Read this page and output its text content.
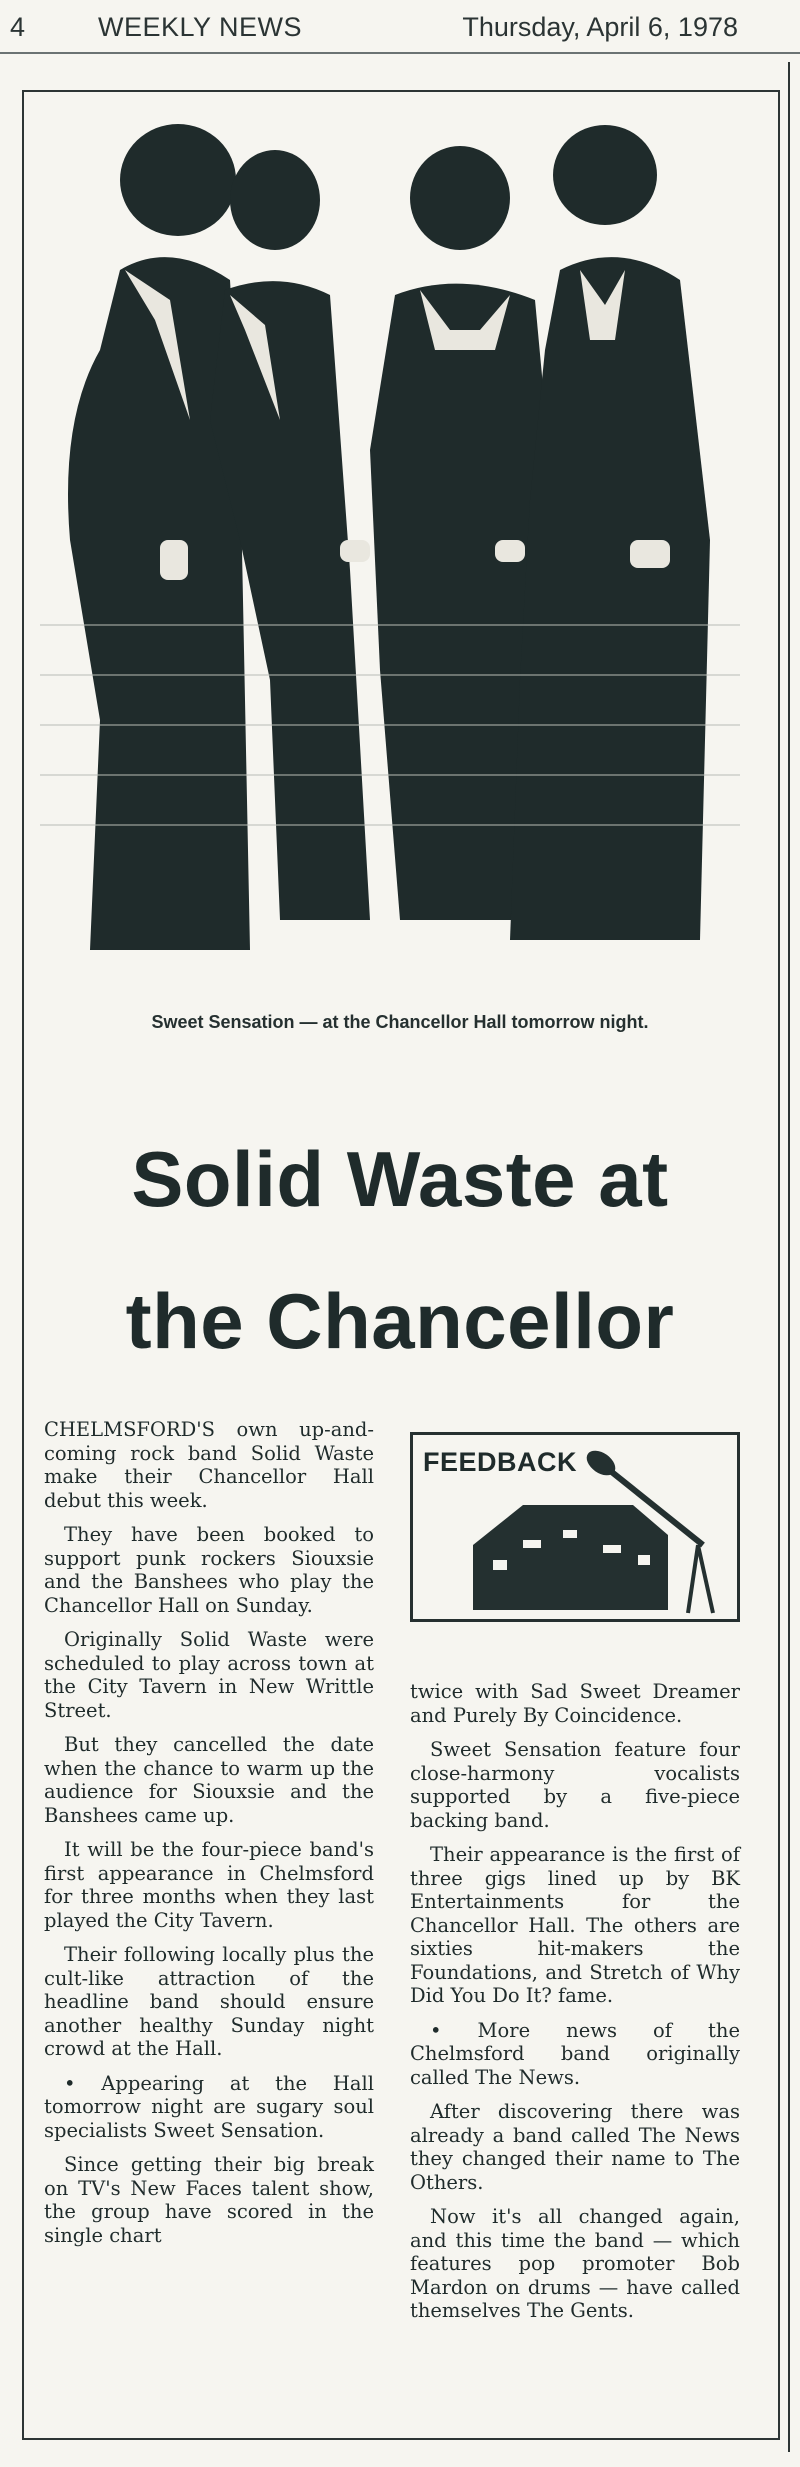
4	WEEKLY NEWS	Thursday, April 6, 1978
Sweet Sensation — at the Chancellor Hall tomorrow night.
Solid Waste at
the Chancellor

CHELMSFORD'S own up-and-coming rock band Solid Waste make their Chancellor Hall debut this week.

They have been booked to support punk rockers Siouxsie and the Banshees who play the Chancellor Hall on Sunday.

Originally Solid Waste were scheduled to play across town at the City Tavern in New Writtle Street.

But they cancelled the date when the chance to warm up the audience for Siouxsie and the Banshees came up.

It will be the four-piece band's first appearance in Chelmsford for three months when they last played the City Tavern.

Their following locally plus the cult-like attraction of the headline band should ensure another healthy Sunday night crowd at the Hall.

• Appearing at the Hall tomorrow night are sugary soul specialists Sweet Sensation.

Since getting their big break on TV's New Faces talent show, the group have scored in the single chart

FEEDBACK

twice with Sad Sweet Dreamer and Purely By Coincidence.

Sweet Sensation feature four close-harmony vocalists supported by a five-piece backing band.

Their appearance is the first of three gigs lined up by BK Entertainments for the Chancellor Hall. The others are sixties hit-makers the Foundations, and Stretch of Why Did You Do It? fame.

• More news of the Chelmsford band originally called The News.

After discovering there was already a band called The News they changed their name to The Others.

Now it's all changed again, and this time the band — which features pop promoter Bob Mardon on drums — have called themselves The Gents.
